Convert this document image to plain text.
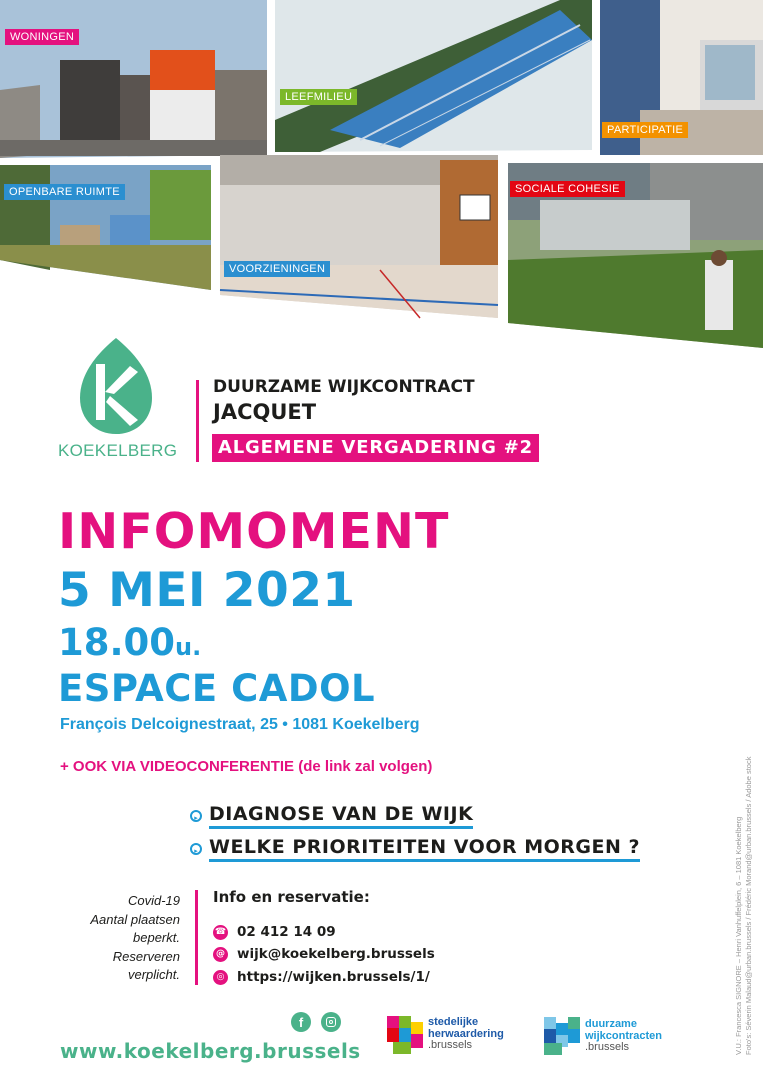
WONINGEN
LEEFMILIEU
PARTICIPATIE
OPENBARE RUIMTE
VOORZIENINGEN
SOCIALE COHESIE
KOEKELBERG
DUURZAME WIJKCONTRACT
JACQUET
ALGEMENE VERGADERING #2
INFOMOMENT
5 MEI 2021
18.00u.
ESPACE CADOL
François Delcoignestraat, 25 • 1081 Koekelberg
+ OOK VIA VIDEOCONFERENTIE (de link zal volgen)
▸ DIAGNOSE VAN DE WIJK
▸ WELKE PRIORITEITEN VOOR MORGEN ?
Covid-19
Aantal plaatsen
beperkt.
Reserveren
verplicht.
Info en reservatie:
☎ 02 412 14 09
@ wijk@koekelberg.brussels
◎ https://wijken.brussels/1/
f
www.koekelberg.brussels
stedelijke
herwaardering
.brussels
duurzame
wijkcontracten
.brussels	V.U.: Francesca SIGNORE – Henri Vanhuffelplein, 6 – 1081 Koekelberg Foto's: Séverin Malaud@urban.brussels / Frédéric Morand@urban.brussels / Adobe stock
